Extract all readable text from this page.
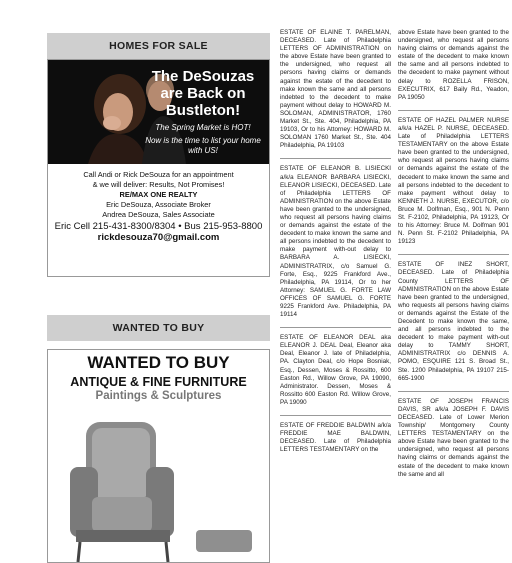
HOMES FOR SALE
The DeSouzas are Back on Bustleton!
The Spring Market is HOT!
Now is the time to list your home with US!
Call Andi or Rick DeSouza for an appointment
& we will deliver: Results, Not Promises!
RE/MAX ONE REALTY
Eric DeSouza, Associate Broker
Andrea DeSouza, Sales Associate
Eric Cell 215-431-8300/8304 • Bus 215-953-8800
rickdesouza70@gmail.com
WANTED TO BUY
WANTED TO BUY
ANTIQUE & FINE FURNITURE
Paintings & Sculptures
ESTATE OF ELAINE T. PARELMAN, DECEASED. Late of Philadelphia LETTERS OF ADMINISTRATION on the above Estate have been granted to the undersigned, who request all persons having claims or demands against the estate of the decedent to make known the same and all persons indebted to the decedent to make payment without delay to HOWARD M. SOLOMAN, ADMINISTRATOR, 1760 Market St., Ste. 404, Philadelphia, PA 19103, Or to his Attorney: HOWARD M. SOLOMAN 1760 Market St., Ste. 404 Philadelphia, PA 19103
ESTATE OF ELEANOR B. LISIECKI a/k/a ELEANOR BARBARA LISIECKI, ELEANOR LISIECKI, DECEASED. Late of Philadelphia LETTERS OF ADMINISTRATION on the above Estate have been granted to the undersigned, who request all persons having claims or demands against the estate of the decedent to make known the same and all persons indebted to the decedent to make payment with-out delay to BARBARA A. LISIECKI, ADMINISTRATRIX, c/o Samuel G. Forte, Esq., 9225 Frankford Ave., Philadelphia, PA 19114, Or to her Attorney: SAMUEL G. FORTE LAW OFFICES OF SAMUEL G. FORTE 9225 Frankford Ave. Philadelphia, PA 19114
ESTATE OF ELEANOR DEAL aka ELEANOR J. DEAL Deal, Eleanor aka Deal, Eleanor J. late of Philadelphia, PA. Clayton Deal, c/o Hope Bosniak, Esq., Dessen, Moses & Rossitto, 600 Easton Rd., Willow Grove, PA 19090, Administrator. Dessen, Moses & Rossitto 600 Easton Rd. Willow Grove, PA 19090
ESTATE OF FREDDIE BALDWIN a/k/a FREDDIE MAE BALDWIN, DECEASED. Late of Philadelphia LETTERS TESTAMENTARY on the
above Estate have been granted to the undersigned, who request all persons having claims or demands against the estate of the decedent to make known the same and all persons indebted to the decedent to make payment without delay to ROZELLA FRISON, EXECUTRIX, 617 Baily Rd., Yeadon, PA 19050
ESTATE OF HAZEL PALMER NURSE a/k/a HAZEL P. NURSE, DECEASED. Late of Philadelphia LETTERS TESTAMENTARY on the above Estate have been granted to the undersigned, who request all persons having claims or demands against the estate of the decedent to make known the same and all persons indebted to the decedent to make payment without delay to KENNETH J. NURSE, EXECUTOR, c/o Bruce M. Dolfman, Esq., 901 N. Penn St. F-2102, Philadelphia, PA 19123, Or to his Attorney: Bruce M. Dolfman 901 N. Penn St. F-2102 Philadelphia, PA 19123
ESTATE OF INEZ SHORT, DECEASED. Late of Philadelphia County LETTERS OF ADMINISTRATION on the above Estate have been granted to the undersigned, who requests all persons having claims or demands against the Estate of the Decedent to make known the same, and all persons indebted to the decedent to make payment with-out delay to TAMMY SHORT, ADMINISTRATRIX c/o DENNIS A. POMO, ESQUIRE 121 S. Broad St., Ste. 1200 Philadelphia, PA 19107 215-665-1900
ESTATE OF JOSEPH FRANCIS DAVIS, SR a/k/a JOSEPH F. DAVIS DECEASED. Late of Lower Merion Township/ Montgomery County LETTERS TESTAMENTARY on the above Estate have been granted to the undersigned, who request all persons having claims or demands against the estate of the decedent to make known the same and all
